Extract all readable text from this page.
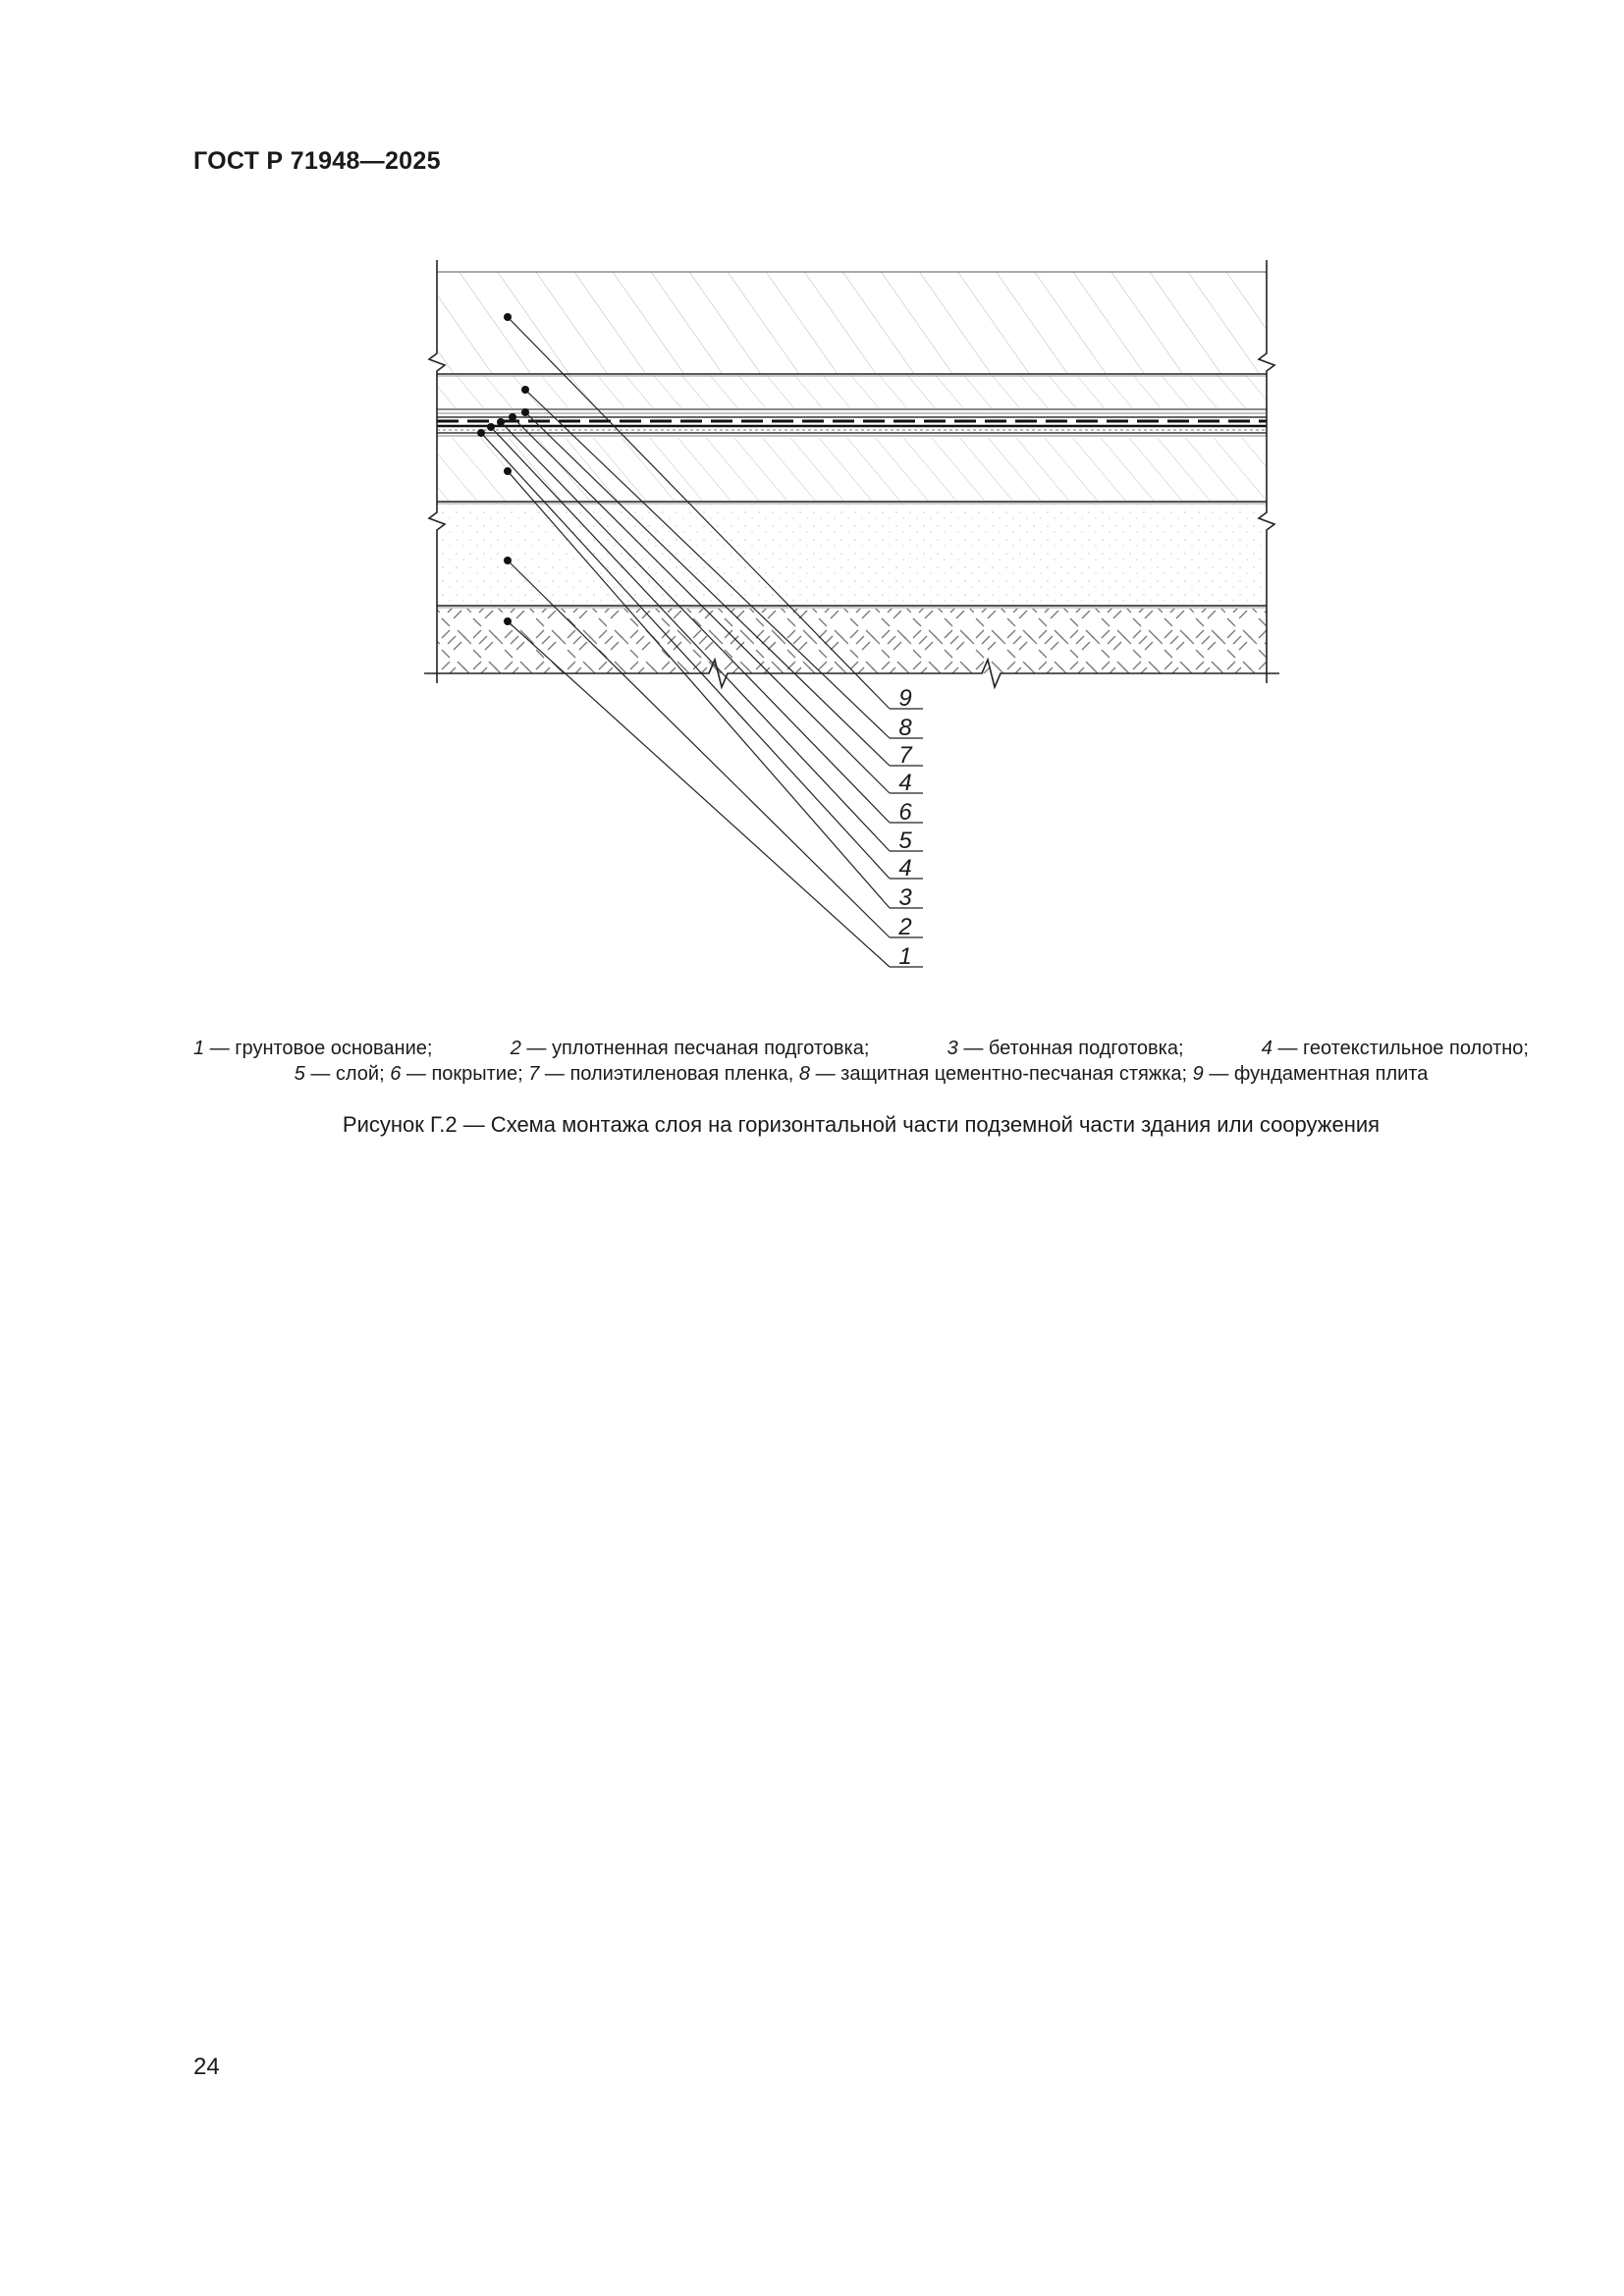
ГОСТ Р 71948—2025
9
8
7
4
6
5
4
3
2
1
1 — грунтовое основание;	2 — уплотненная песчаная подготовка;	3 — бетонная подготовка;	4 — геотекстильное полотно;
5 — слой; 6 — покрытие; 7 — полиэтиленовая пленка, 8 — защитная цементно-песчаная стяжка; 9 — фундаментная плита
Рисунок Г.2 — Схема монтажа слоя на горизонтальной части подземной части здания или сооружения
24
